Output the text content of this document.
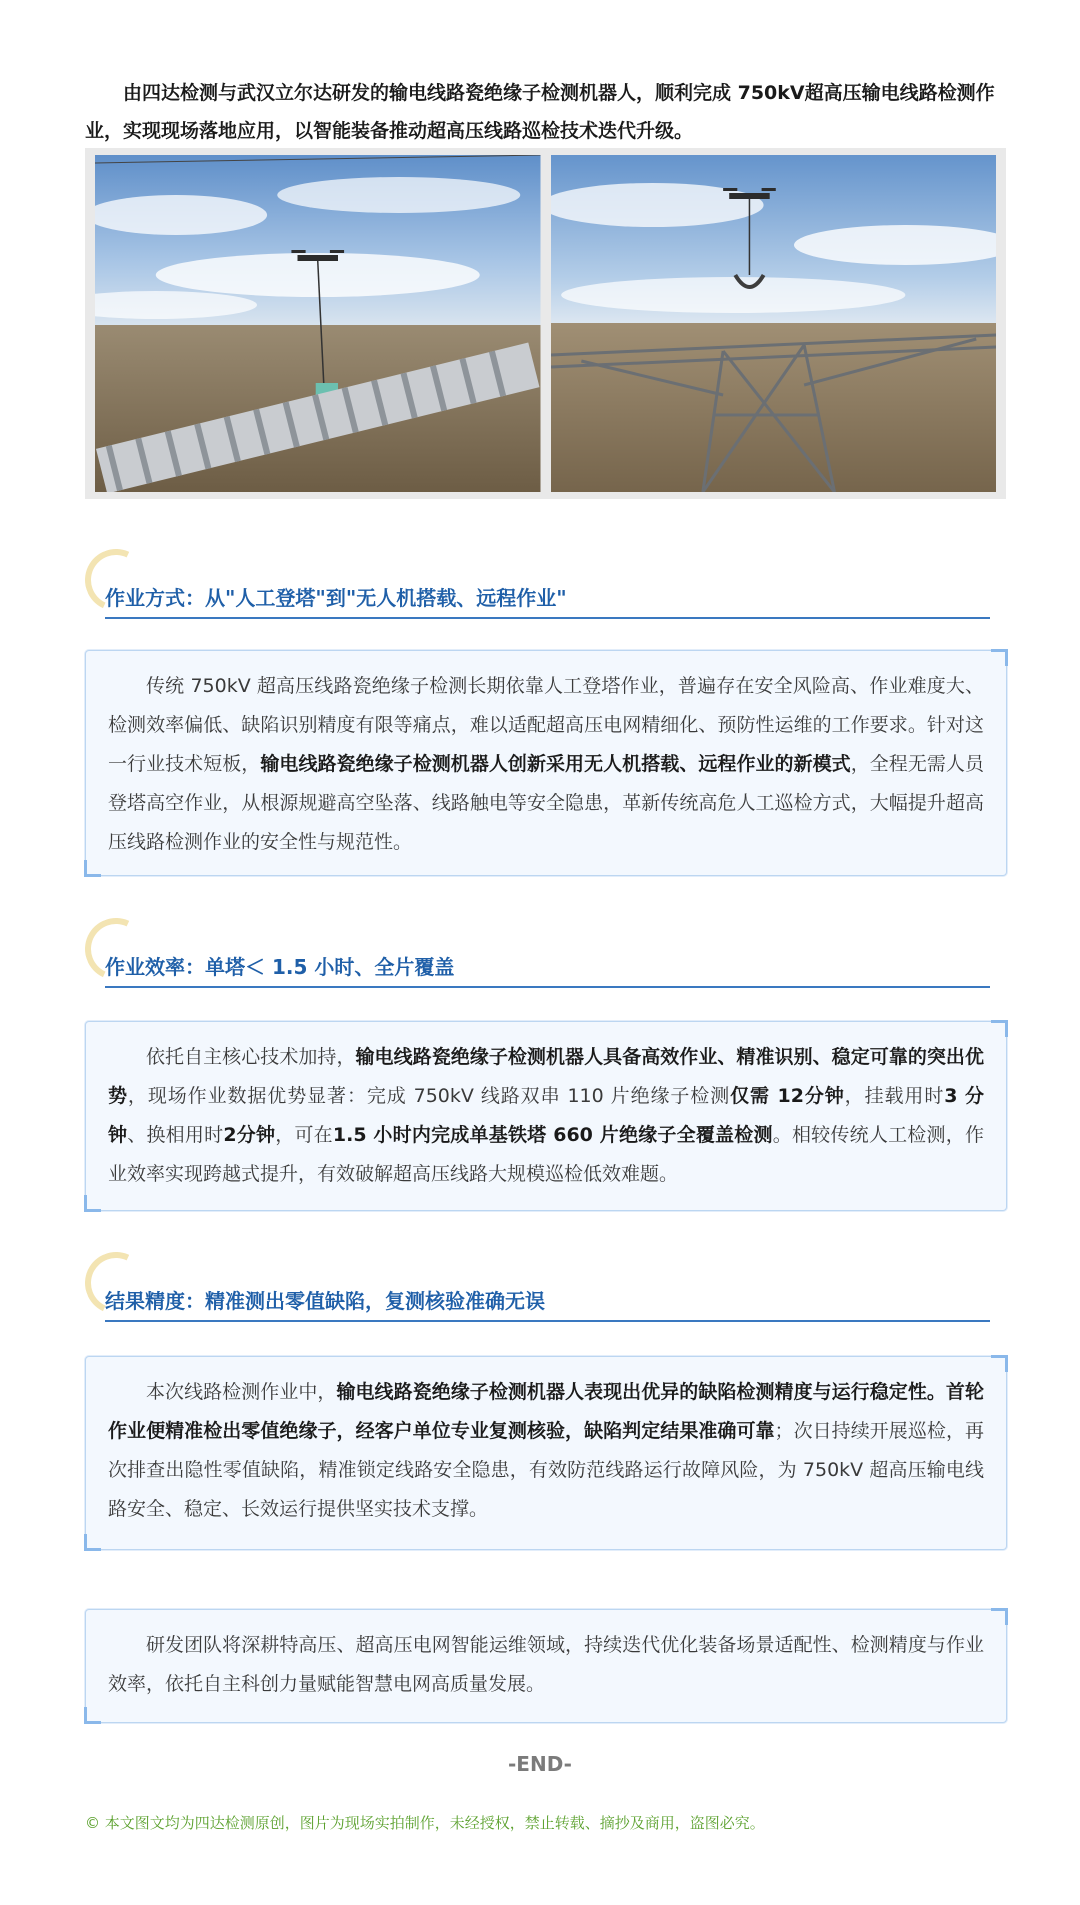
由四达检测与武汉立尔达研发的输电线路瓷绝缘子检测机器人，顺利完成 750kV超高压输电线路检测作业，实现现场落地应用，以智能装备推动超高压线路巡检技术迭代升级。

作业方式：从"人工登塔"到"无人机搭载、远程作业"

传统 750kV 超高压线路瓷绝缘子检测长期依靠人工登塔作业，普遍存在安全风险高、作业难度大、检测效率偏低、缺陷识别精度有限等痛点，难以适配超高压电网精细化、预防性运维的工作要求。针对这一行业技术短板，输电线路瓷绝缘子检测机器人创新采用无人机搭载、远程作业的新模式，全程无需人员登塔高空作业，从根源规避高空坠落、线路触电等安全隐患，革新传统高危人工巡检方式，大幅提升超高压线路检测作业的安全性与规范性。

作业效率：单塔＜ 1.5 小时、全片覆盖

依托自主核心技术加持，输电线路瓷绝缘子检测机器人具备高效作业、精准识别、稳定可靠的突出优势，现场作业数据优势显著：完成 750kV 线路双串 110 片绝缘子检测仅需 12分钟，挂载用时3 分钟、换相用时2分钟，可在1.5 小时内完成单基铁塔 660 片绝缘子全覆盖检测。相较传统人工检测，作业效率实现跨越式提升，有效破解超高压线路大规模巡检低效难题。

结果精度：精准测出零值缺陷，复测核验准确无误

本次线路检测作业中，输电线路瓷绝缘子检测机器人表现出优异的缺陷检测精度与运行稳定性。首轮作业便精准检出零值绝缘子，经客户单位专业复测核验，缺陷判定结果准确可靠；次日持续开展巡检，再次排查出隐性零值缺陷，精准锁定线路安全隐患，有效防范线路运行故障风险，为 750kV 超高压输电线路安全、稳定、长效运行提供坚实技术支撑。

研发团队将深耕特高压、超高压电网智能运维领域，持续迭代优化装备场景适配性、检测精度与作业效率，依托自主科创力量赋能智慧电网高质量发展。

-END-
© 本文图文均为四达检测原创，图片为现场实拍制作，未经授权，禁止转载、摘抄及商用，盗图必究。
